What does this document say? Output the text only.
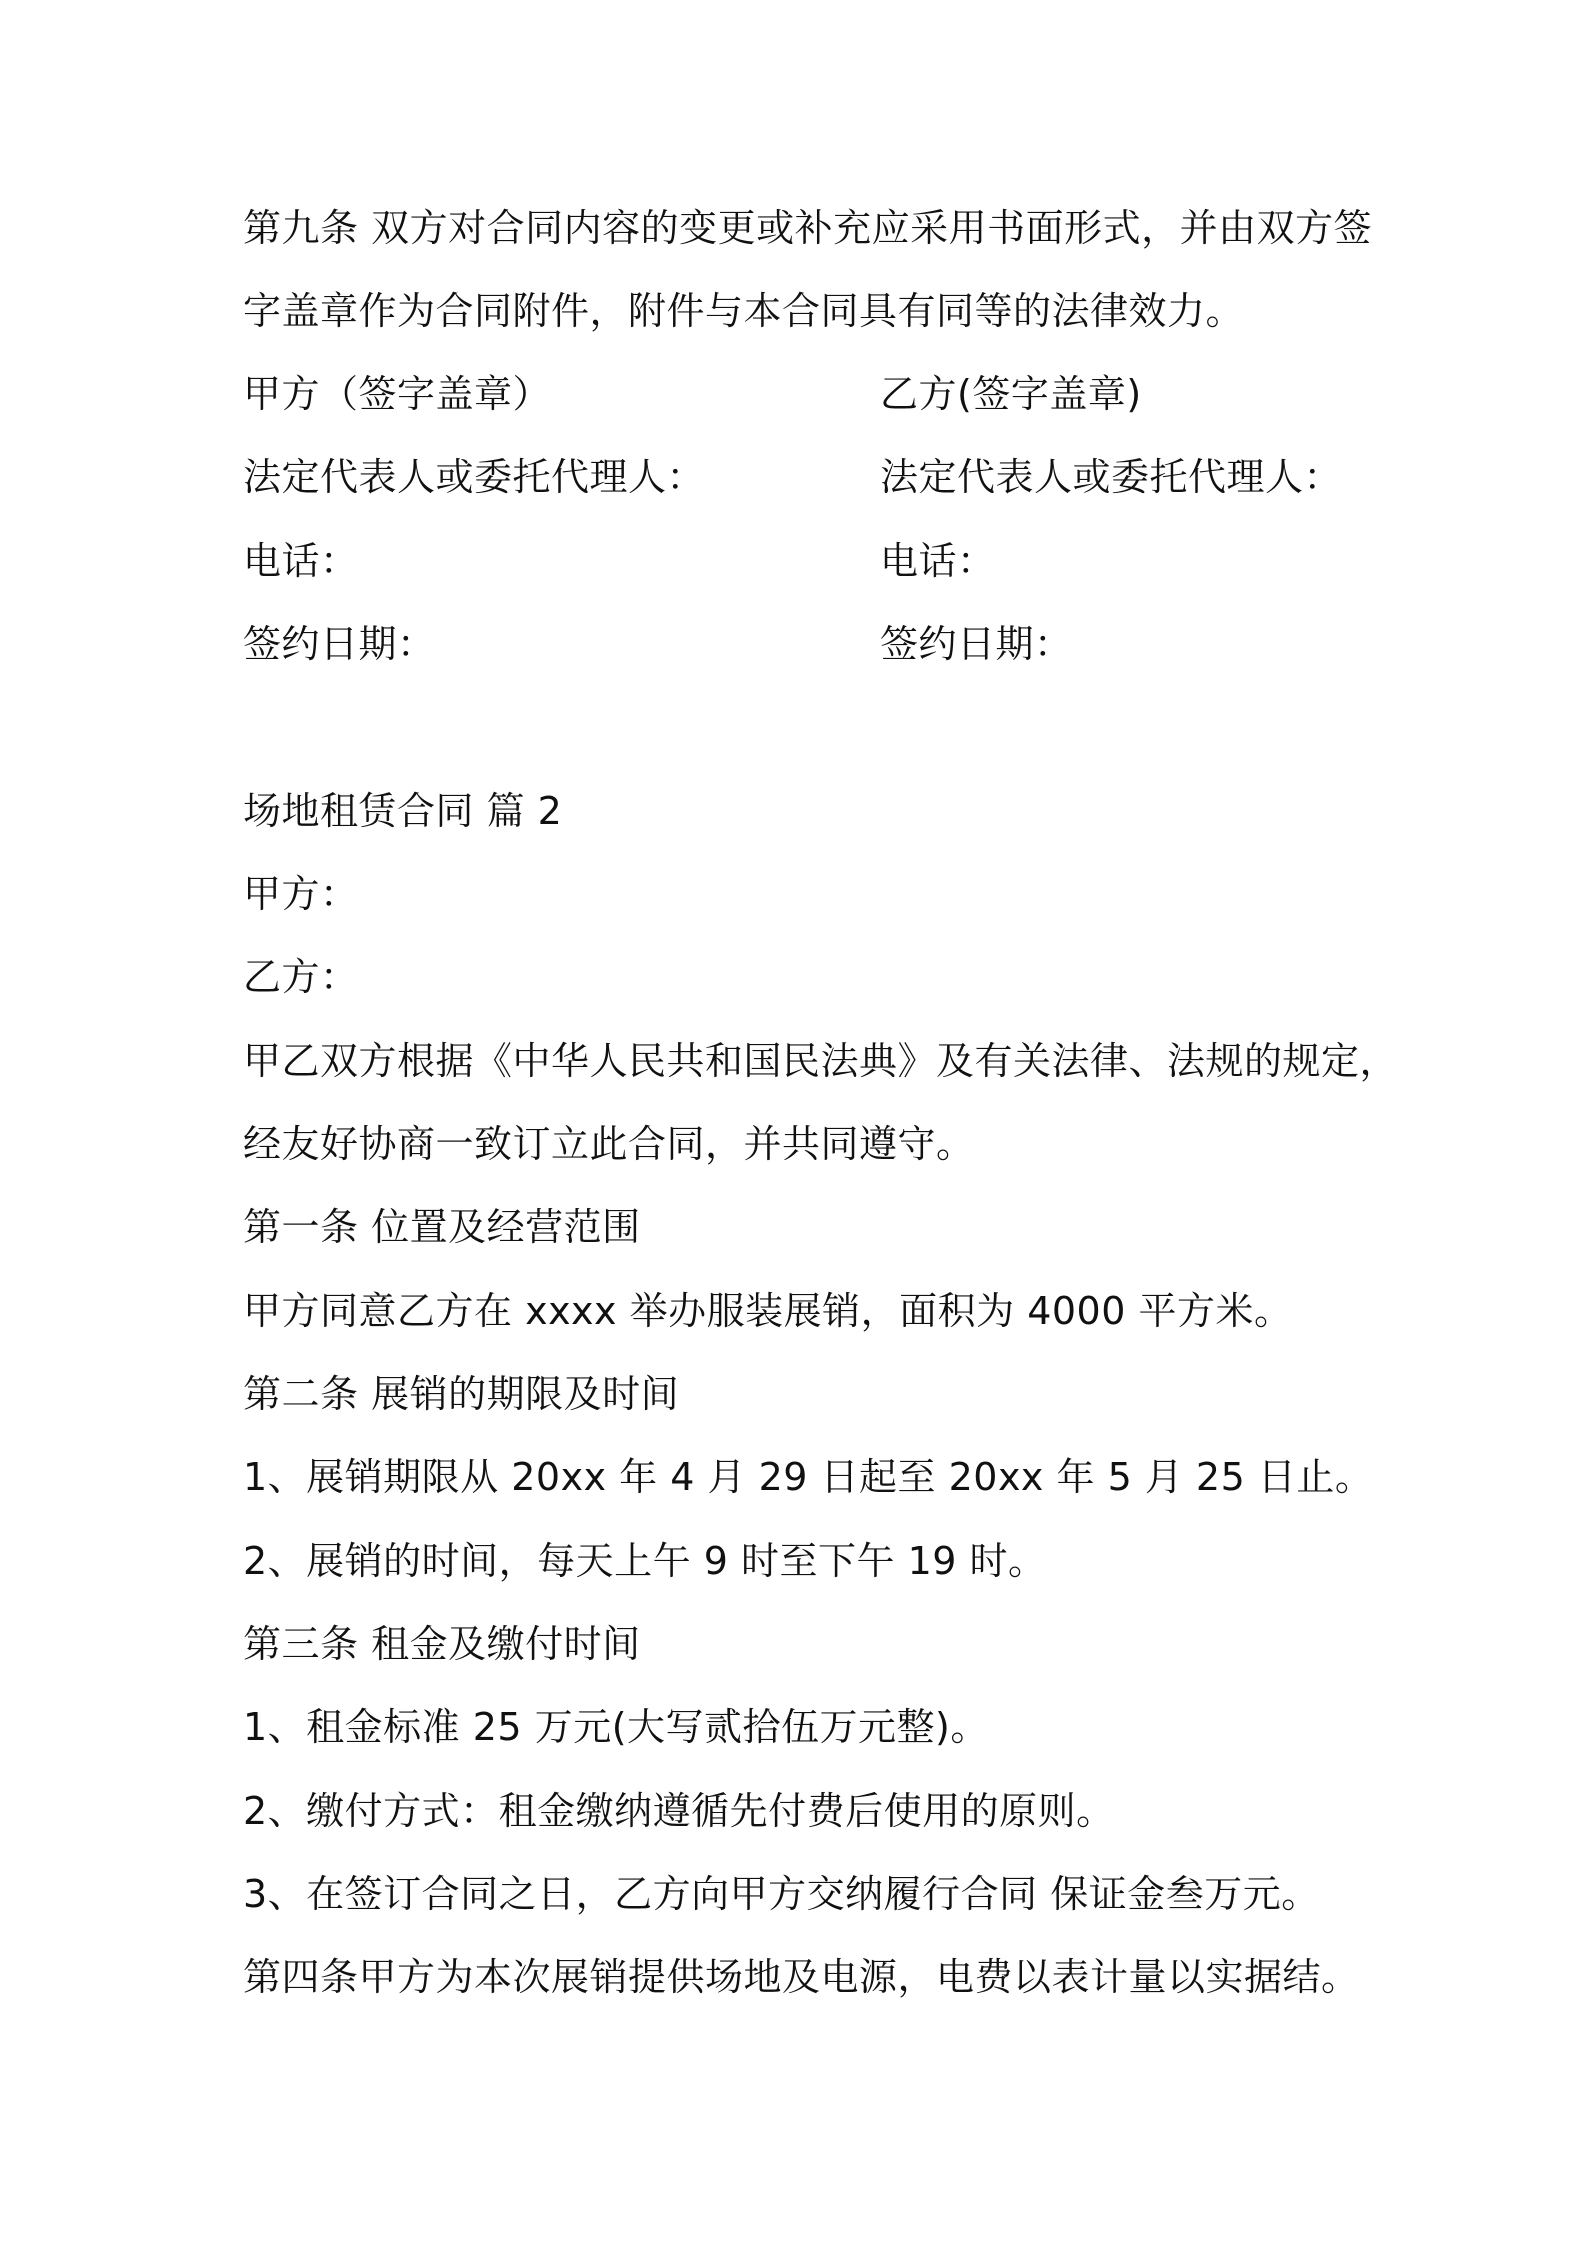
第九条 双方对合同内容的变更或补充应采用书面形式，并由双方签
字盖章作为合同附件，附件与本合同具有同等的法律效力。
甲方（签字盖章）	乙方(签字盖章)
法定代表人或委托代理人：	法定代表人或委托代理人：
电话：	电话：
签约日期：	签约日期：
场地租赁合同 篇 2
甲方：
乙方：
甲乙双方根据《中华人民共和国民法典》及有关法律、法规的规定，
经友好协商一致订立此合同，并共同遵守。
第一条 位置及经营范围
甲方同意乙方在 xxxx 举办服装展销，面积为 4000 平方米。
第二条 展销的期限及时间
1、展销期限从 20xx 年 4 月 29 日起至 20xx 年 5 月 25 日止。
2、展销的时间，每天上午 9 时至下午 19 时。
第三条 租金及缴付时间
1、租金标准 25 万元(大写贰拾伍万元整)。
2、缴付方式：租金缴纳遵循先付费后使用的原则。
3、在签订合同之日，乙方向甲方交纳履行合同 保证金叁万元。
第四条甲方为本次展销提供场地及电源，电费以表计量以实据结。
